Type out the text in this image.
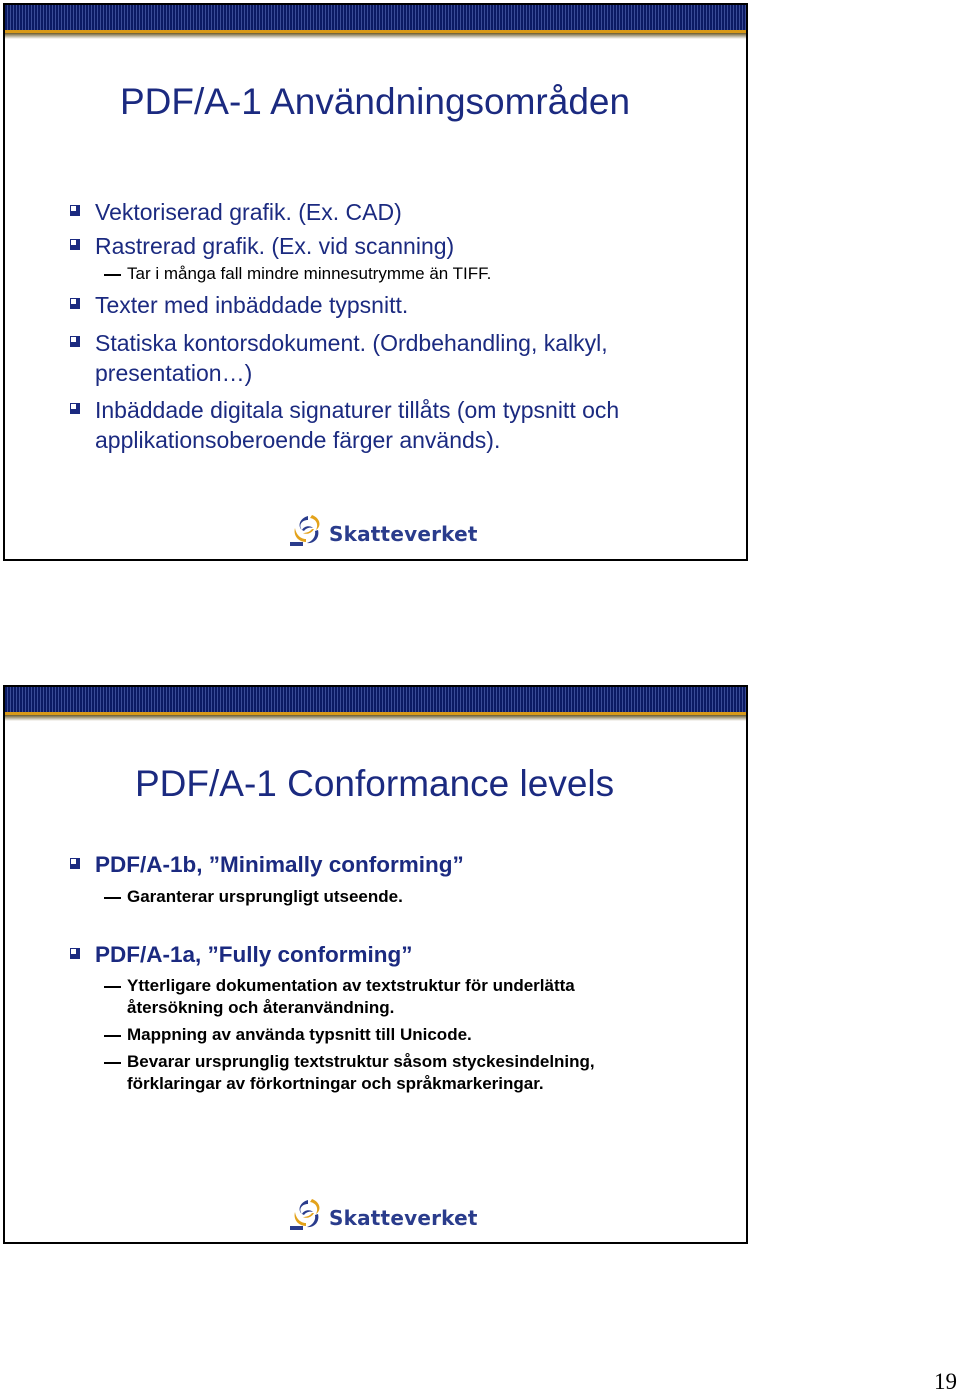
PDF/A-1 Användningsområden
Vektoriserad grafik. (Ex. CAD)
Rastrerad grafik. (Ex. vid scanning)
Tar i många fall mindre minnesutrymme än TIFF.
Texter med inbäddade typsnitt.
Statiska kontorsdokument. (Ordbehandling, kalkyl, presentation…)
Inbäddade digitala signaturer tillåts (om typsnitt och applikationsoberoende färger används).
Skatteverket
PDF/A-1 Conformance levels
PDF/A-1b, ”Minimally conforming”
Garanterar ursprungligt utseende.
PDF/A-1a, ”Fully conforming”
Ytterligare dokumentation av textstruktur för underlätta återsökning och återanvändning.
Mappning av använda typsnitt till Unicode.
Bevarar ursprunglig textstruktur såsom styckesindelning, förklaringar av förkortningar och språkmarkeringar.
Skatteverket
19
